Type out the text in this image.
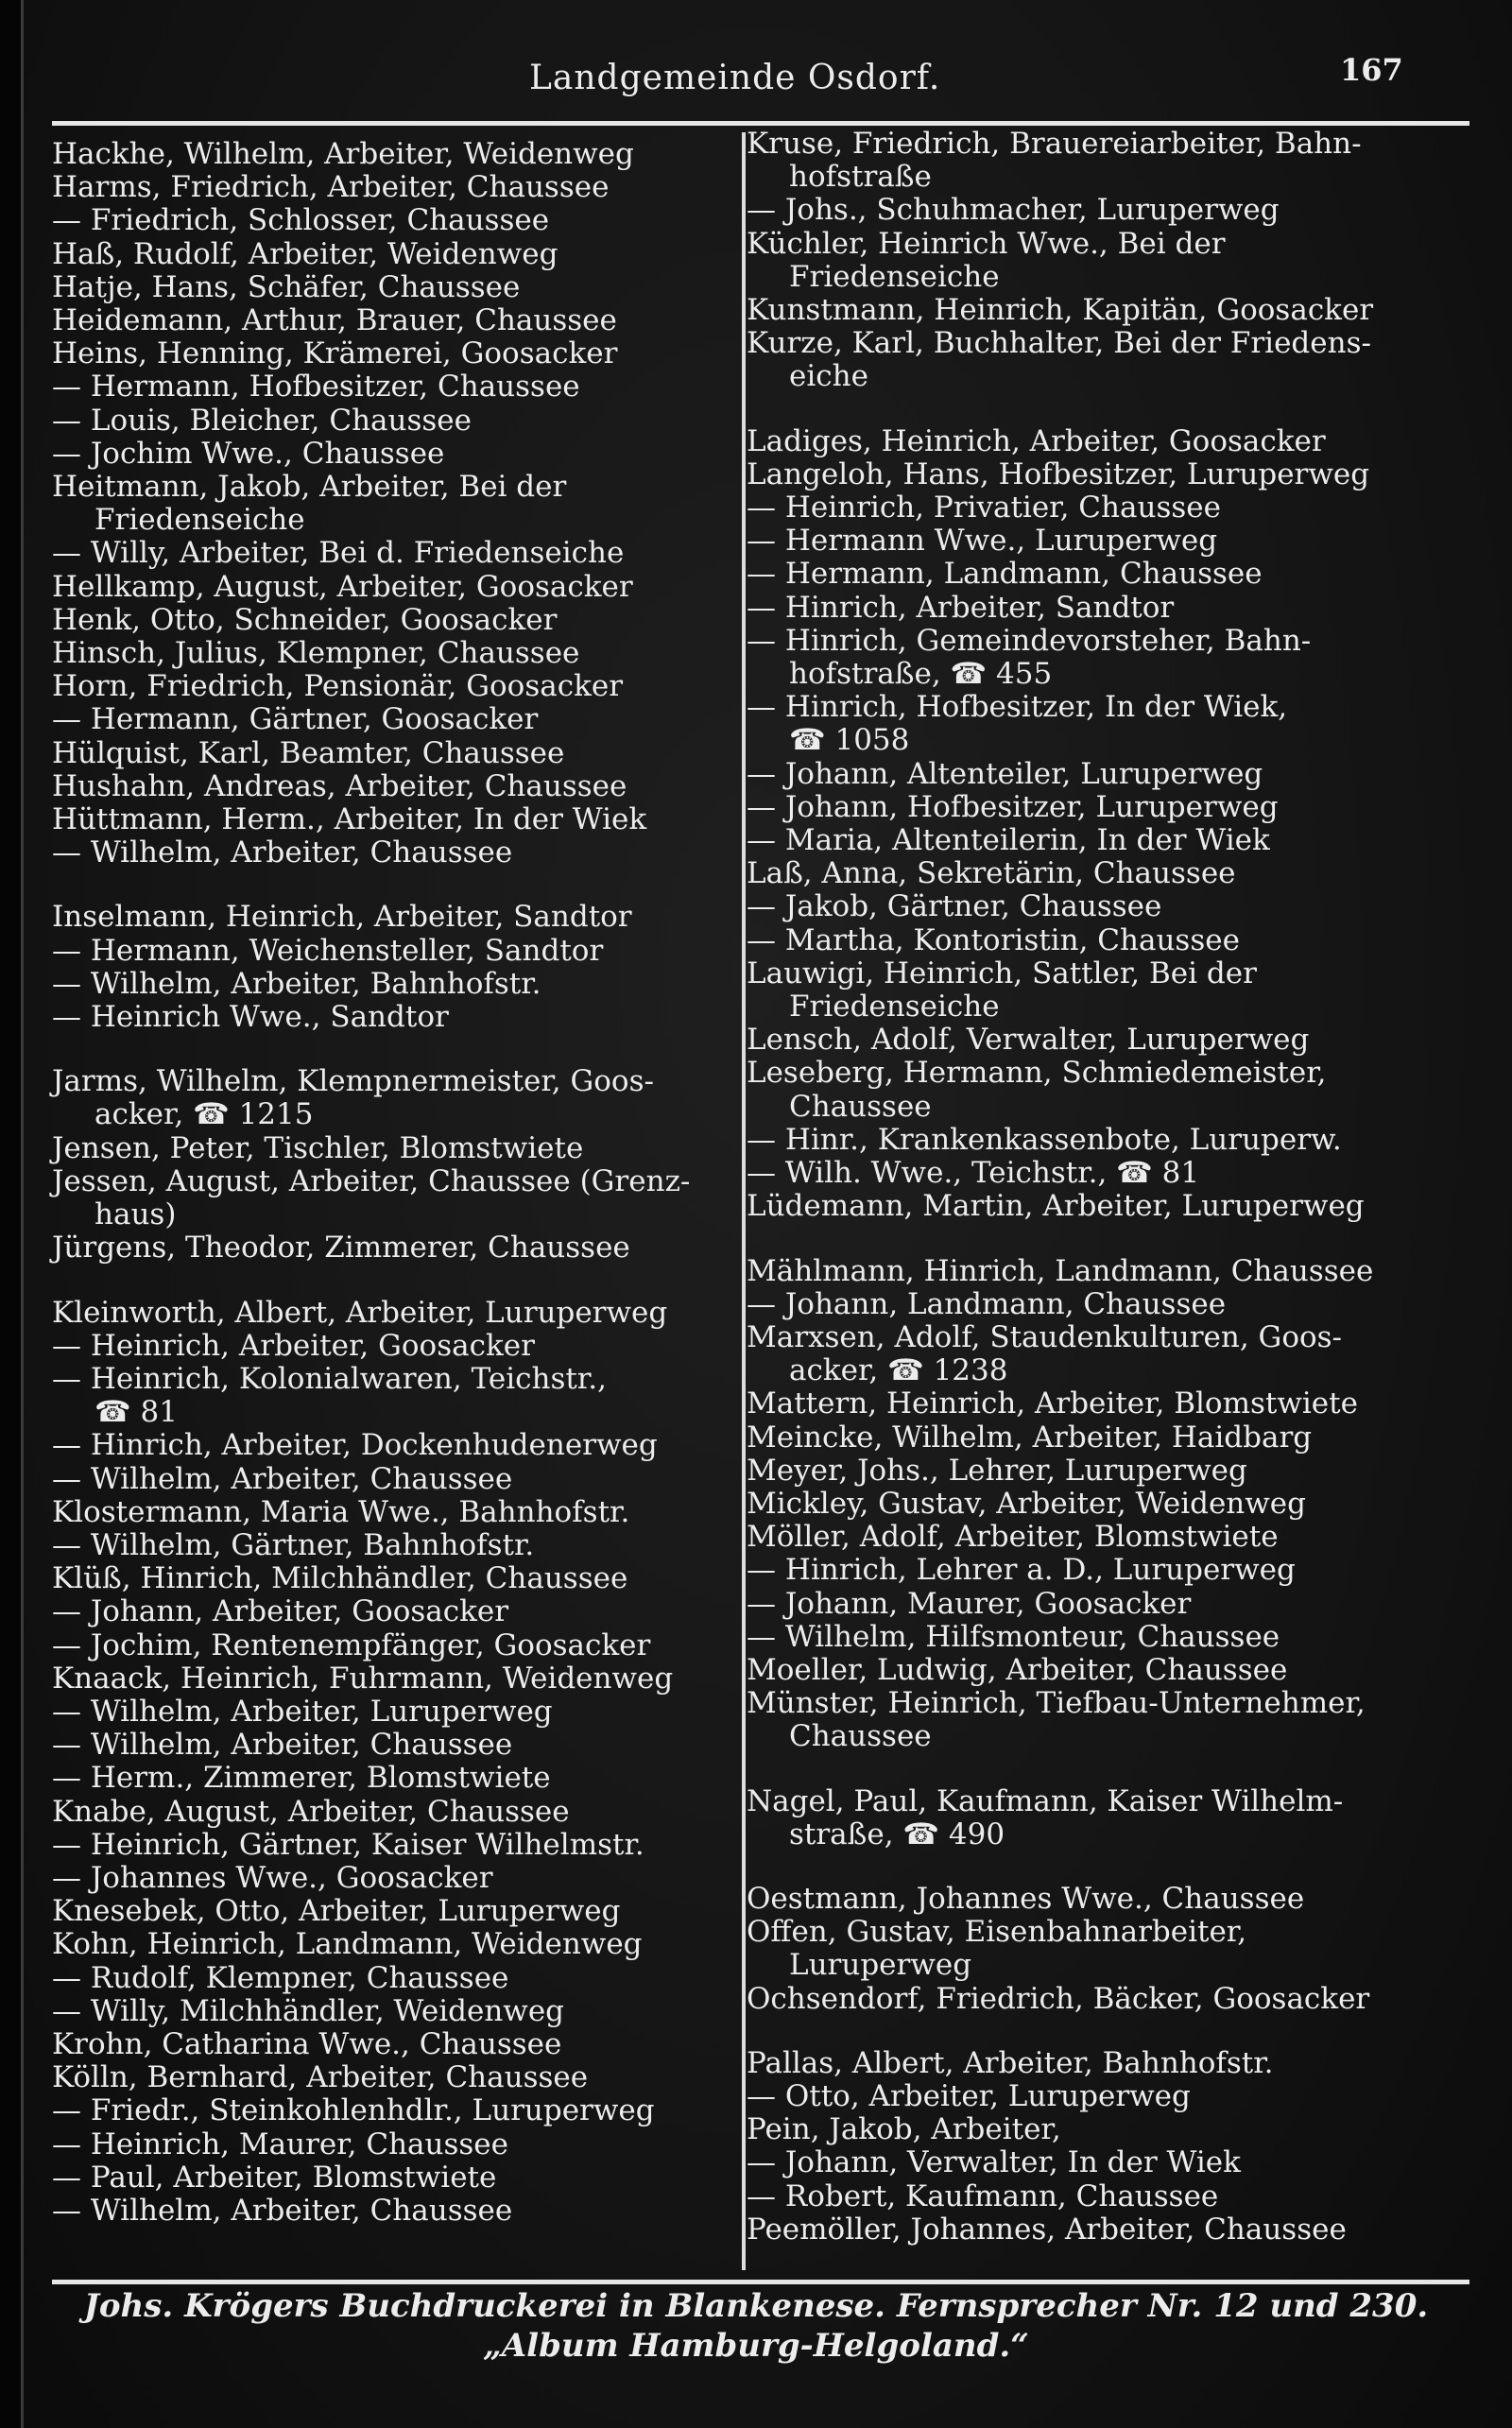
Landgemeinde Osdorf.	167
Hackhe, Wilhelm, Arbeiter, Weidenweg
Harms, Friedrich, Arbeiter, Chaussee
— Friedrich, Schlosser, Chaussee
Haß, Rudolf, Arbeiter, Weidenweg
Hatje, Hans, Schäfer, Chaussee
Heidemann, Arthur, Brauer, Chaussee
Heins, Henning, Krämerei, Goosacker
— Hermann, Hofbesitzer, Chaussee
— Louis, Bleicher, Chaussee
— Jochim Wwe., Chaussee
Heitmann, Jakob, Arbeiter, Bei der
Friedenseiche
— Willy, Arbeiter, Bei d. Friedenseiche
Hellkamp, August, Arbeiter, Goosacker
Henk, Otto, Schneider, Goosacker
Hinsch, Julius, Klempner, Chaussee
Horn, Friedrich, Pensionär, Goosacker
— Hermann, Gärtner, Goosacker
Hülquist, Karl, Beamter, Chaussee
Hushahn, Andreas, Arbeiter, Chaussee
Hüttmann, Herm., Arbeiter, In der Wiek
— Wilhelm, Arbeiter, Chaussee
Inselmann, Heinrich, Arbeiter, Sandtor
— Hermann, Weichensteller, Sandtor
— Wilhelm, Arbeiter, Bahnhofstr.
— Heinrich Wwe., Sandtor
Jarms, Wilhelm, Klempnermeister, Goos-
acker, ☎ 1215
Jensen, Peter, Tischler, Blomstwiete
Jessen, August, Arbeiter, Chaussee (Grenz-
haus)
Jürgens, Theodor, Zimmerer, Chaussee
Kleinworth, Albert, Arbeiter, Luruperweg
— Heinrich, Arbeiter, Goosacker
— Heinrich, Kolonialwaren, Teichstr.,
☎ 81
— Hinrich, Arbeiter, Dockenhudenerweg
— Wilhelm, Arbeiter, Chaussee
Klostermann, Maria Wwe., Bahnhofstr.
— Wilhelm, Gärtner, Bahnhofstr.
Klüß, Hinrich, Milchhändler, Chaussee
— Johann, Arbeiter, Goosacker
— Jochim, Rentenempfänger, Goosacker
Knaack, Heinrich, Fuhrmann, Weidenweg
— Wilhelm, Arbeiter, Luruperweg
— Wilhelm, Arbeiter, Chaussee
— Herm., Zimmerer, Blomstwiete
Knabe, August, Arbeiter, Chaussee
— Heinrich, Gärtner, Kaiser Wilhelmstr.
— Johannes Wwe., Goosacker
Knesebek, Otto, Arbeiter, Luruperweg
Kohn, Heinrich, Landmann, Weidenweg
— Rudolf, Klempner, Chaussee
— Willy, Milchhändler, Weidenweg
Krohn, Catharina Wwe., Chaussee
Kölln, Bernhard, Arbeiter, Chaussee
— Friedr., Steinkohlenhdlr., Luruperweg
— Heinrich, Maurer, Chaussee
— Paul, Arbeiter, Blomstwiete
— Wilhelm, Arbeiter, Chaussee
Kruse, Friedrich, Brauereiarbeiter, Bahn-
hofstraße
— Johs., Schuhmacher, Luruperweg
Küchler, Heinrich Wwe., Bei der
Friedenseiche
Kunstmann, Heinrich, Kapitän, Goosacker
Kurze, Karl, Buchhalter, Bei der Friedens-
eiche
Ladiges, Heinrich, Arbeiter, Goosacker
Langeloh, Hans, Hofbesitzer, Luruperweg
— Heinrich, Privatier, Chaussee
— Hermann Wwe., Luruperweg
— Hermann, Landmann, Chaussee
— Hinrich, Arbeiter, Sandtor
— Hinrich, Gemeindevorsteher, Bahn-
hofstraße, ☎ 455
— Hinrich, Hofbesitzer, In der Wiek,
☎ 1058
— Johann, Altenteiler, Luruperweg
— Johann, Hofbesitzer, Luruperweg
— Maria, Altenteilerin, In der Wiek
Laß, Anna, Sekretärin, Chaussee
— Jakob, Gärtner, Chaussee
— Martha, Kontoristin, Chaussee
Lauwigi, Heinrich, Sattler, Bei der
Friedenseiche
Lensch, Adolf, Verwalter, Luruperweg
Leseberg, Hermann, Schmiedemeister,
Chaussee
— Hinr., Krankenkassenbote, Luruperw.
— Wilh. Wwe., Teichstr., ☎ 81
Lüdemann, Martin, Arbeiter, Luruperweg
Mählmann, Hinrich, Landmann, Chaussee
— Johann, Landmann, Chaussee
Marxsen, Adolf, Staudenkulturen, Goos-
acker, ☎ 1238
Mattern, Heinrich, Arbeiter, Blomstwiete
Meincke, Wilhelm, Arbeiter, Haidbarg
Meyer, Johs., Lehrer, Luruperweg
Mickley, Gustav, Arbeiter, Weidenweg
Möller, Adolf, Arbeiter, Blomstwiete
— Hinrich, Lehrer a. D., Luruperweg
— Johann, Maurer, Goosacker
— Wilhelm, Hilfsmonteur, Chaussee
Moeller, Ludwig, Arbeiter, Chaussee
Münster, Heinrich, Tiefbau-Unternehmer,
Chaussee
Nagel, Paul, Kaufmann, Kaiser Wilhelm-
straße, ☎ 490
Oestmann, Johannes Wwe., Chaussee
Offen, Gustav, Eisenbahnarbeiter,
Luruperweg
Ochsendorf, Friedrich, Bäcker, Goosacker
Pallas, Albert, Arbeiter, Bahnhofstr.
— Otto, Arbeiter, Luruperweg
Pein, Jakob, Arbeiter,
— Johann, Verwalter, In der Wiek
— Robert, Kaufmann, Chaussee
Peemöller, Johannes, Arbeiter, Chaussee
Johs. Krögers Buchdruckerei in Blankenese. Fernsprecher Nr. 12 und 230.
„Album Hamburg-Helgoland.“
